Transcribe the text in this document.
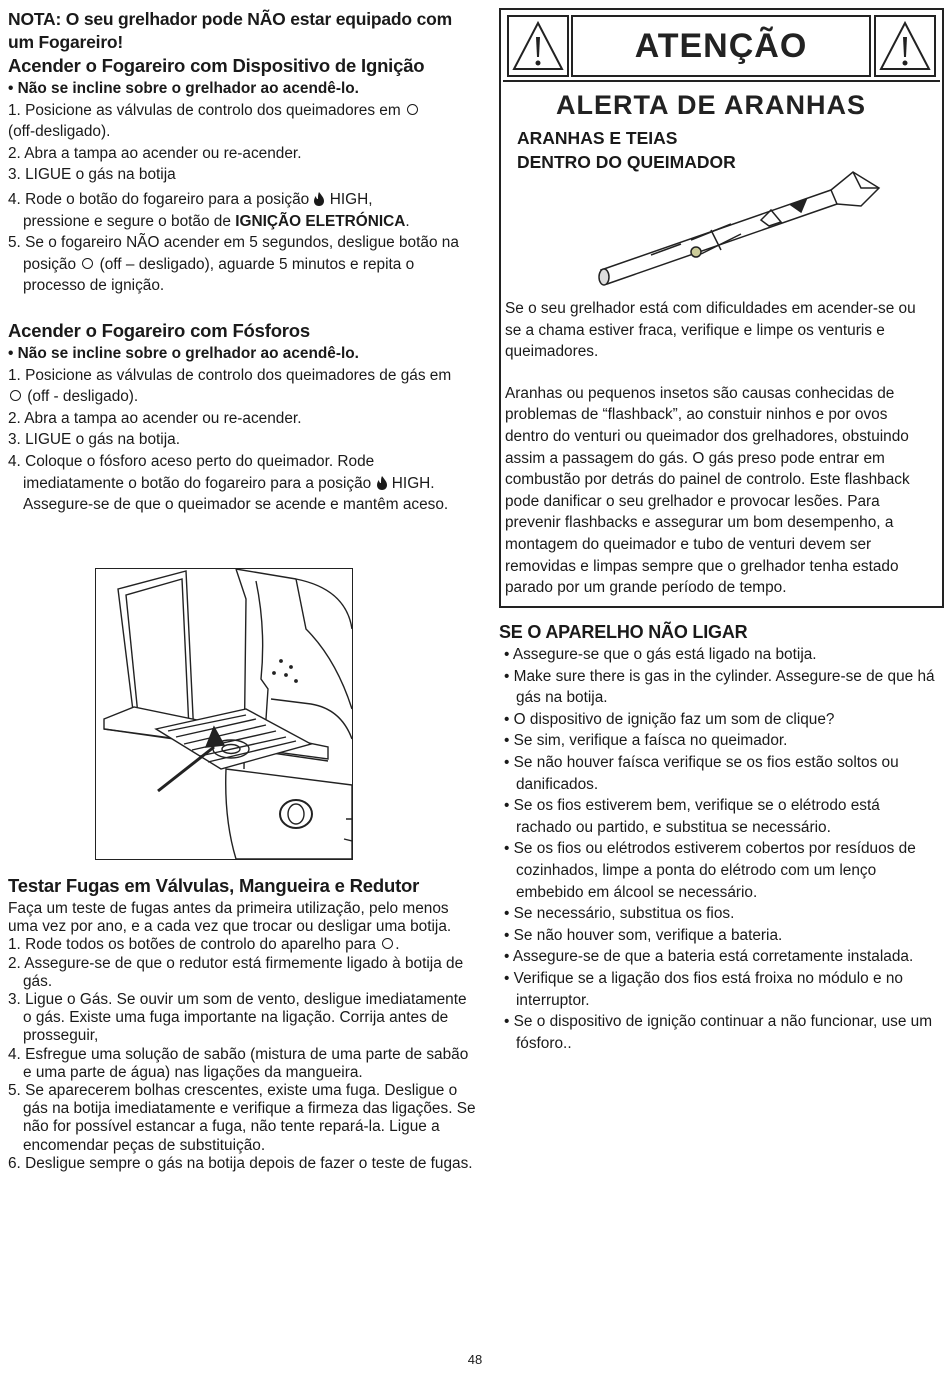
NOTA: O seu grelhador pode NÃO estar equipado com um Fogareiro!

Acender o Fogareiro com Dispositivo de Ignição

• Não se incline sobre o grelhador ao acendê-lo.

1. Posicione as válvulas de controlo dos queimadores em
(off-desligado).

2. Abra a tampa ao acender ou re-acender.

3. LIGUE o gás na botija

4. Rode o botão do fogareiro para a posição HIGH,
pressione e segure o botão de IGNIÇÃO ELETRÓNICA.

5. Se o fogareiro NÃO acender em 5 segundos, desligue botão na posição (off – desligado), aguarde 5 minutos e repita o processo de ignição.

Acender o Fogareiro com Fósforos

• Não se incline sobre o grelhador ao acendê-lo.

1. Posicione as válvulas de controlo dos queimadores de gás em
(off - desligado).

2. Abra a tampa ao acender ou re-acender.

3. LIGUE o gás na botija.

4. Coloque o fósforo aceso perto do queimador. Rode imediatamente o botão do fogareiro para a posição HIGH. Assegure-se de que o queimador se acende e mantêm aceso.

Testar Fugas em Válvulas, Mangueira e Redutor

Faça um teste de fugas antes da primeira utilização, pelo menos uma vez por ano, e a cada vez que trocar ou desligar uma botija.

1. Rode todos os botões de controlo do aparelho para .

2. Assegure-se de que o redutor está firmemente ligado à botija de gás.

3. Ligue o Gás. Se ouvir um som de vento, desligue imediatamente o gás. Existe uma fuga importante na ligação. Corrija antes de prosseguir,

4. Esfregue uma solução de sabão (mistura de uma parte de sabão e uma parte de água) nas ligações da mangueira.

5. Se aparecerem bolhas crescentes, existe uma fuga. Desligue o gás na botija imediatamente e verifique a firmeza das ligações. Se não for possível estancar a fuga, não tente repará-la. Ligue a encomendar peças de substituição.

6. Desligue sempre o gás na botija depois de fazer o teste de fugas.

ATENÇÃO
ALERTA DE ARANHAS
ARANHAS E TEIAS
DENTRO DO QUEIMADOR

Se o seu grelhador está com dificuldades em acender-se ou se a chama estiver fraca, verifique e limpe os venturis e queimadores.

Aranhas ou pequenos insetos são causas conhecidas de problemas de “flashback”, ao constuir ninhos e por ovos dentro do venturi ou queimador dos grelhadores, obstuindo assim a passagem do gás. O gás preso pode entrar em combustão por detrás do painel de controlo. Este flashback pode danificar o seu grelhador e provocar lesões. Para prevenir flashbacks e assegurar um bom desempenho, a montagem do queimador e tubo de venturi devem ser removidas e limpas sempre que o grelhador tenha estado parado por um grande período de tempo.

SE O APARELHO NÃO LIGAR

• Assegure-se que o gás está ligado na botija.

• Make sure there is gas in the cylinder. Assegure-se de que há gás na botija.

• O dispositivo de ignição faz um som de clique?

• Se sim, verifique a faísca no queimador.

• Se não houver faísca verifique se os fios estão soltos ou danificados.

• Se os fios estiverem bem, verifique se o elétrodo está rachado ou partido, e substitua se necessário.

• Se os fios ou elétrodos estiverem cobertos por resíduos de cozinhados, limpe a ponta do elétrodo com um lenço embebido em álcool se necessário.

• Se necessário, substitua os fios.

• Se não houver som, verifique a bateria.

• Assegure-se de que a bateria está corretamente instalada.

• Verifique se a ligação dos fios está froixa no módulo e no interruptor.

• Se o dispositivo de ignição continuar a não funcionar, use um fósforo..

48
